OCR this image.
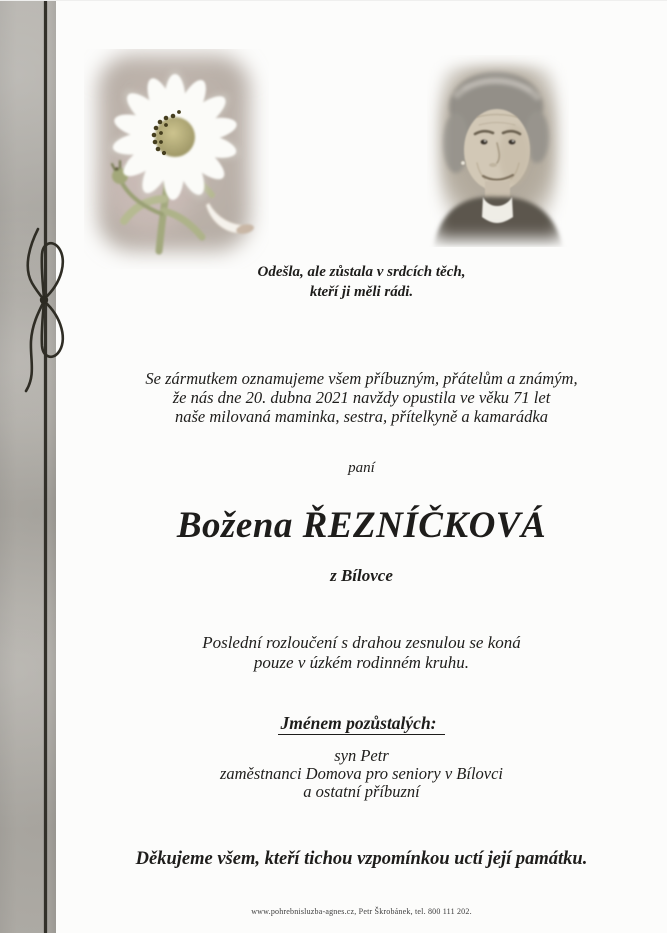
Odešla, ale zůstala v srdcích těch,
kteří ji měli rádi.
Se zármutkem oznamujeme všem příbuzným, přátelům a známým,
že nás dne 20. dubna 2021 navždy opustila ve věku 71 let
naše milovaná maminka, sestra, přítelkyně a kamarádka
paní
Božena ŘEZNÍČKOVÁ
z Bílovce
Poslední rozloučení s drahou zesnulou se koná
pouze v úzkém rodinném kruhu.
Jménem pozůstalých:
syn Petr
zaměstnanci Domova pro seniory v Bílovci
a ostatní příbuzní
Děkujeme všem, kteří tichou vzpomínkou uctí její památku.
www.pohrebnisluzba-agnes.cz, Petr Škrobánek, tel. 800 111 202.
